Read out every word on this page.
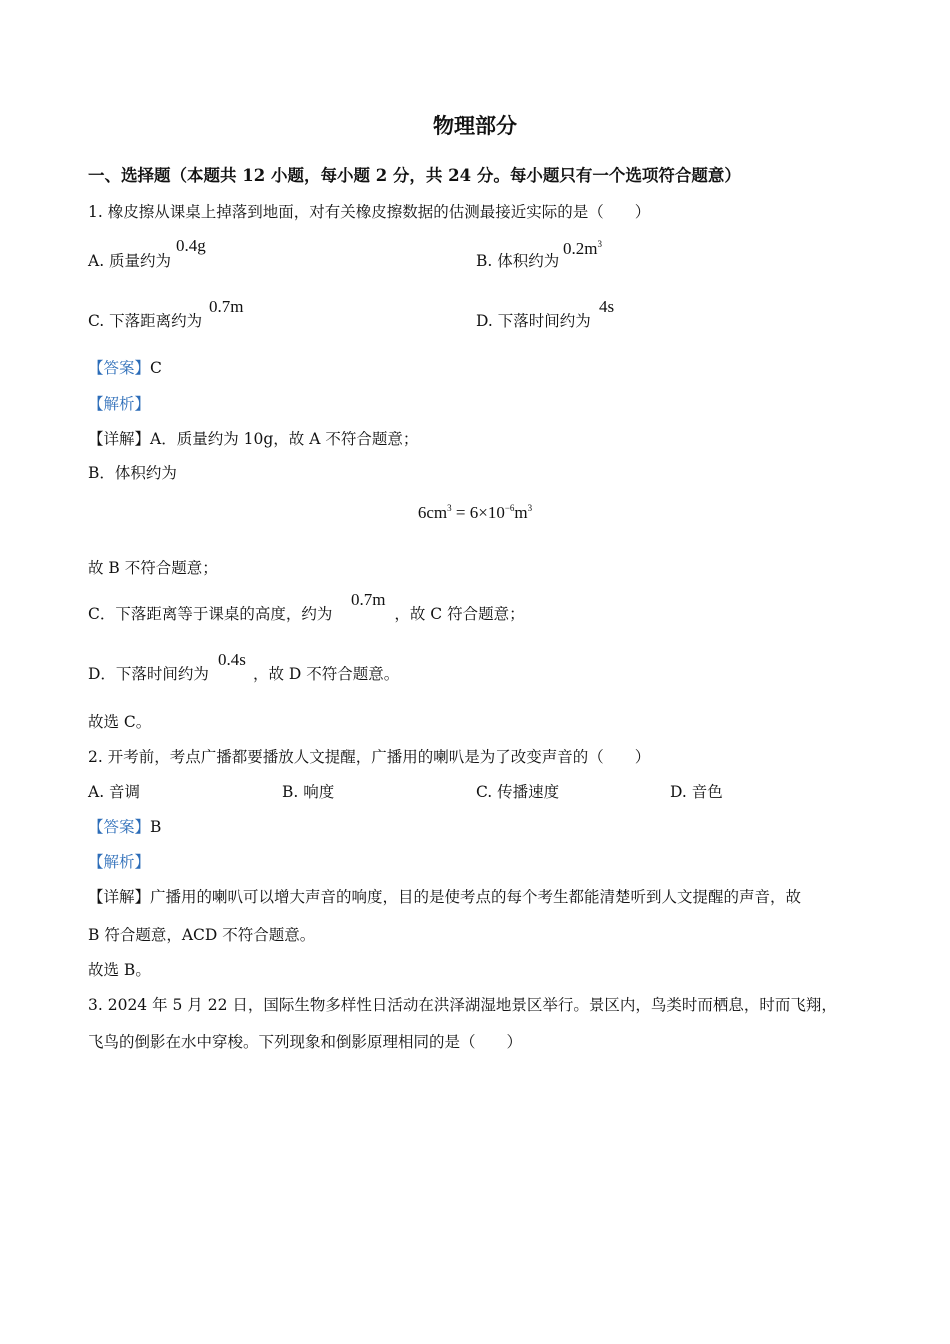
物理部分
一、选择题（本题共 12 小题，每小题 2 分，共 24 分。每小题只有一个选项符合题意）
1. 橡皮擦从课桌上掉落到地面，对有关橡皮擦数据的估测最接近实际的是（　　）
A. 质量约为
0.4g
B. 体积约为
$0.2m^3$
C. 下落距离约为
0.7m
D. 下落时间约为
4s
【答案】C
【解析】
【详解】A．质量约为 10g，故 A 不符合题意；
B．体积约为
$6cm^3 = 6\times 10^{-6}m^3$
故 B 不符合题意；
C．下落距离等于课桌的高度，约为	，故 C 符合题意；
0.7m
D．下落时间约为	，故 D 不符合题意。
0.4s
故选 C。
2. 开考前，考点广播都要播放人文提醒，广播用的喇叭是为了改变声音的（　　）
A. 音调	B. 响度	C. 传播速度	D. 音色
【答案】B
【解析】
【详解】广播用的喇叭可以增大声音的响度，目的是使考点的每个考生都能清楚听到人文提醒的声音，故
B 符合题意，ACD 不符合题意。
故选 B。
3. 2024 年 5 月 22 日，国际生物多样性日活动在洪泽湖湿地景区举行。景区内，鸟类时而栖息，时而飞翔，
飞鸟的倒影在水中穿梭。下列现象和倒影原理相同的是（　　）
